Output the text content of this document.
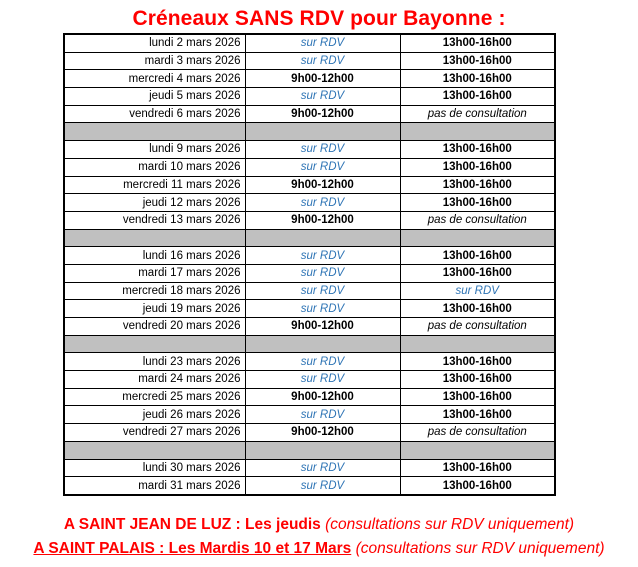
Créneaux SANS RDV pour Bayonne :
lundi 2 mars 2026	sur RDV	13h00-16h00
mardi 3 mars 2026	sur RDV	13h00-16h00
mercredi 4 mars 2026	9h00-12h00	13h00-16h00
jeudi 5 mars 2026	sur RDV	13h00-16h00
vendredi 6 mars 2026	9h00-12h00	pas de consultation

lundi 9 mars 2026	sur RDV	13h00-16h00
mardi 10 mars 2026	sur RDV	13h00-16h00
mercredi 11 mars 2026	9h00-12h00	13h00-16h00
jeudi 12 mars 2026	sur RDV	13h00-16h00
vendredi 13 mars 2026	9h00-12h00	pas de consultation

lundi 16 mars 2026	sur RDV	13h00-16h00
mardi 17 mars 2026	sur RDV	13h00-16h00
mercredi 18 mars 2026	sur RDV	sur RDV
jeudi 19 mars 2026	sur RDV	13h00-16h00
vendredi 20 mars 2026	9h00-12h00	pas de consultation

lundi 23 mars 2026	sur RDV	13h00-16h00
mardi 24 mars 2026	sur RDV	13h00-16h00
mercredi 25 mars 2026	9h00-12h00	13h00-16h00
jeudi 26 mars 2026	sur RDV	13h00-16h00
vendredi 27 mars 2026	9h00-12h00	pas de consultation

lundi 30 mars 2026	sur RDV	13h00-16h00
mardi 31 mars 2026	sur RDV	13h00-16h00
A SAINT JEAN DE LUZ : Les jeudis (consultations sur RDV uniquement)
A SAINT PALAIS : Les Mardis 10 et 17 Mars (consultations sur RDV uniquement)
